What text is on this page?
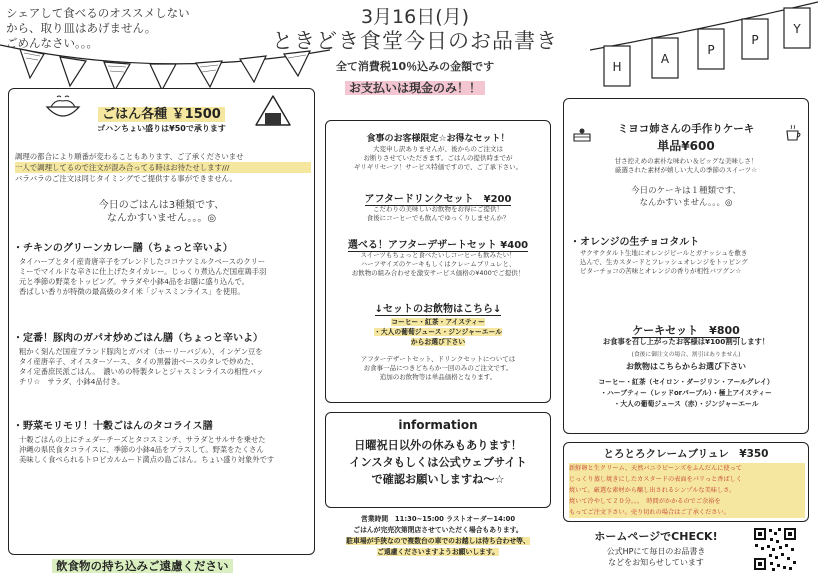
H
A
P
P
Y
シェアして食べるのオススメしない
から、取り皿はあげません。
ごめんなさい。。。
3月16日(月)
ときどき食堂今日のお品書き
全て消費税10％込みの金額です
お支払いは現金のみ！！
ごはん各種 ￥1500
ゴハンちょい盛りは¥50で承ります
調理の都合により順番が変わることもあります、ご了承くださいませ
一人で調理してるので注文が混み合ってる時はお待たせします///
バラバラのご注文は同じタイミングでご提供する事ができません。
今日のごはんは3種類です、
なんかすいません。。。◎
・チキンのグリーンカレー膳（ちょっと辛いよ）
タイハーブとタイ産青唐辛子をブレンドしたココナツミルクベースのクリー
ミーでマイルドな辛さに仕上げたタイカレー。じっくり煮込んだ国産鶏手羽
元と季節の野菜をトッピング。サラダや小鉢4品をお膳に盛り込んで。
香ばしい香りが特徴の最高級のタイ米「ジャスミンライス」を使用。
・定番！豚肉のガパオ炒めごはん膳（ちょっと辛いよ）
粗かく刻んだ国産ブランド豚肉とガパオ（ホーリーバジル）、インゲン豆を
タイ産唐辛子、オイスターソース、タイの黒醤油ベースのタレで炒めた、
タイ定番庶民派ごはん。　濃いめの特製タレとジャスミンライスの相性バッ
チリ☆　サラダ、小鉢4品付き。
・野菜モリモリ！十穀ごはんのタコライス膳
十穀ごはんの上にチェダーチーズとタコスミンチ、サラダとサルサを乗せた
沖縄の県民食タコライスに、季節の小鉢4品をプラスして。野菜をたくさん
美味しく食べられるトロピカルムード満点の島ごはん。ちょい盛り対象外です
飲食物の持ち込みご遠慮ください
食事のお客様限定☆お得なセット！
大変申し訳ありませんが、後からのご注文は
お断りさせていただきます。ごはんの提供時までが
ギリギリセーフ！サービス特価ですので、ご了承下さい。
アフタードリンクセット　¥200
こだわりの美味しいお飲物をお得にご提供！
食後にコーヒーでも飲んでゆっくりしませんか？
選べる！アフターデザートセット ¥400
スイーツもちょっと食べたいしコーヒーも飲みたい！
ハーフサイズのケーキもしくはクレームブリュレと、
お飲物の組み合わせを激安サービス価格の¥400でご提供！
↓セットのお飲物はこちら↓
コーヒー・紅茶・アイスティー
・大人の葡萄ジュース・ジンジャーエール
からお選び下さい
アフターデザートセット、ドリンクセットについては
お食事一品につきどちらか一回のみのご注文です。
追加のお飲物等は単品価格となります。
information
日曜祝日以外の休みもあります！
インスタもしくは公式ウェブサイト
で確認お願いしますね〜☆
営業時間　11:30~15:00 ラストオーダー14:00
ごはんが完売次第閉店させていただく場合もあります。
駐車場が手狭なので複数台の車でのお越しは待ち合わせ等、
ご遠慮くださいますようお願いします。
ミヨコ姉さんの手作りケーキ
単品¥600
甘さ控えめの素朴な味わい＆ビッグな美味しさ！
厳選された素材が嬉しい大人の季節のスイーツ☆
今日のケーキは１種類です、
なんかすいません。。。◎
・オレンジの生チョコタルト
サクサクタルト生地にオレンジピールとガナッシュを敷き
込んで、生カスタードとフレッシュオレンジをトッピング
ビターチョコの苦味とオレンジの香りが相性バツグン☆
ケーキセット　¥800
お食事を召し上がったお客様は¥100割引します！
(食後に御注文の場合、割引はありません)
お飲物はこちらからお選び下さい
コーヒー・紅茶（セイロン・ダージリン・アールグレイ）
・ハーブティー（レッドorパープル）・極上アイスティー
・大人の葡萄ジュース（赤）・ジンジャーエール
とろとろクレームブリュレ　¥350
新鮮卵と生クリーム、天然バニラビーンズをふんだんに使って
じっくり蒸し焼きにしたカスタードの表面をパリっと香ばしく
焼いて。厳選な素材から醸し出されるシンプルな美味しさ。
焼いて冷やして２０分。。。　時間がかかるのでご余裕を
もってご注文下さい。売り切れの場合はご了承ください。
ホームページでCHECK!
公式HPにて毎日のお品書き
などをお知らせしています
